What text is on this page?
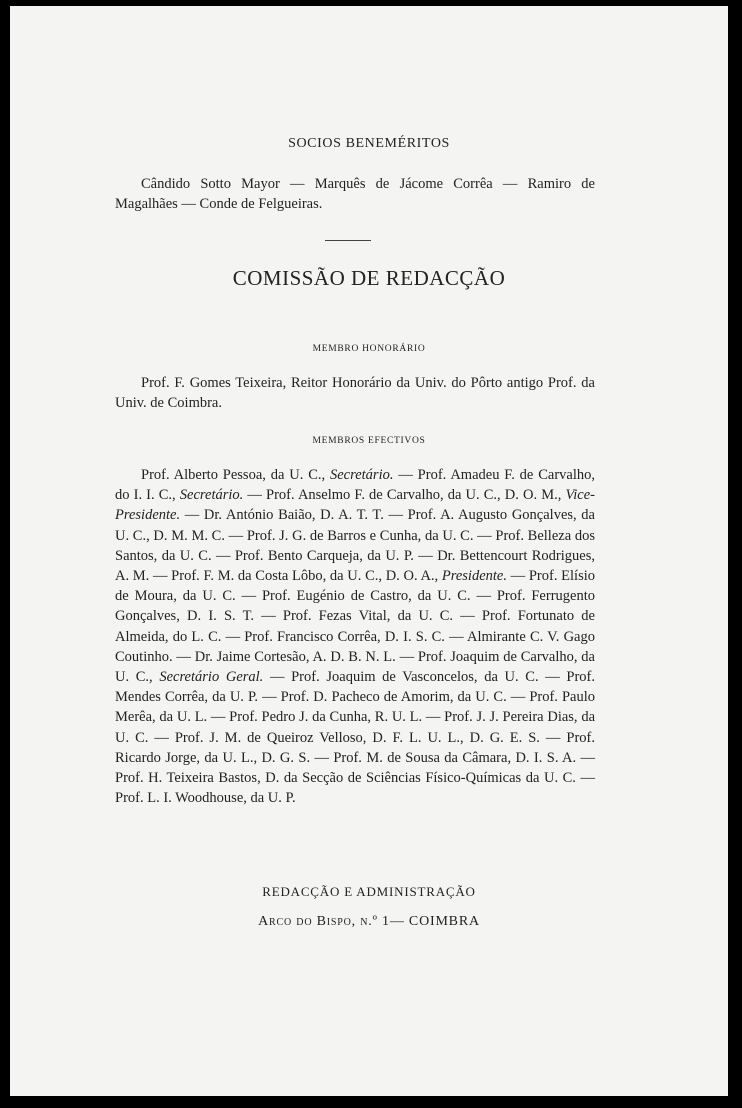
SOCIOS BENEMÉRITOS

Cândido Sotto Mayor — Marquês de Jácome Corrêa — Ramiro de Magalhães — Conde de Felgueiras.

COMISSÃO DE REDACÇÃO
MEMBRO HONORÁRIO

Prof. F. Gomes Teixeira, Reitor Honorário da Univ. do Pôrto antigo Prof. da Univ. de Coimbra.

MEMBROS EFECTIVOS

Prof. Alberto Pessoa, da U. C., Secretário. — Prof. Amadeu F. de Carvalho, do I. I. C., Secretário. — Prof. Anselmo F. de Carvalho, da U. C., D. O. M., Vice-Presidente. — Dr. António Baião, D. A. T. T. — Prof. A. Augusto Gonçalves, da U. C., D. M. M. C. — Prof. J. G. de Barros e Cunha, da U. C. — Prof. Belleza dos Santos, da U. C. — Prof. Bento Carqueja, da U. P. — Dr. Bettencourt Rodrigues, A. M. — Prof. F. M. da Costa Lôbo, da U. C., D. O. A., Presidente. — Prof. Elísio de Moura, da U. C. — Prof. Eugénio de Castro, da U. C. — Prof. Ferrugento Gonçalves, D. I. S. T. — Prof. Fezas Vital, da U. C. — Prof. Fortunato de Almeida, do L. C. — Prof. Francisco Corrêa, D. I. S. C. — Almirante C. V. Gago Coutinho. — Dr. Jaime Cortesão, A. D. B. N. L. — Prof. Joaquim de Carvalho, da U. C., Secretário Geral. — Prof. Joaquim de Vasconcelos, da U. C. — Prof. Mendes Corrêa, da U. P. — Prof. D. Pacheco de Amorim, da U. C. — Prof. Paulo Merêa, da U. L. — Prof. Pedro J. da Cunha, R. U. L. — Prof. J. J. Pereira Dias, da U. C. — Prof. J. M. de Queiroz Velloso, D. F. L. U. L., D. G. E. S. — Prof. Ricardo Jorge, da U. L., D. G. S. — Prof. M. de Sousa da Câmara, D. I. S. A. — Prof. H. Teixeira Bastos, D. da Secção de Sciências Físico-Químicas da U. C. — Prof. L. I. Woodhouse, da U. P.

REDACÇÃO E ADMINISTRAÇÃO
Arco do Bispo, n.º 1— COIMBRA
